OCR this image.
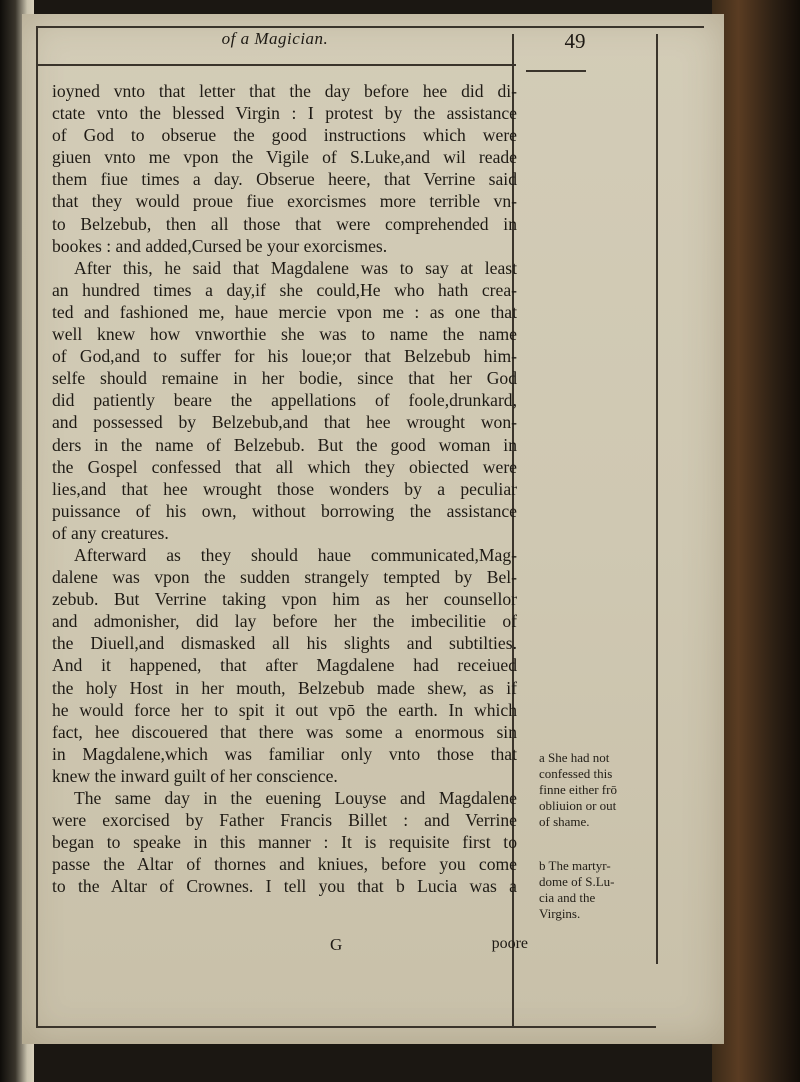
of a Magician.	49
ioyned vnto that letter that the day before hee did di-
ctate vnto the blessed Virgin : I protest by the assistance
of God to obserue the good instructions which were
giuen vnto me vpon the Vigile of S.Luke,and wil reade
them fiue times a day. Obserue heere, that Verrine said
that they would proue fiue exorcismes more terrible vn-
to Belzebub, then all those that were comprehended in
bookes : and added,Cursed be your exorcismes.
After this, he said that Magdalene was to say at least
an hundred times a day,if she could,He who hath crea-
ted and fashioned me, haue mercie vpon me : as one that
well knew how vnworthie she was to name the name
of God,and to suffer for his loue;or that Belzebub him-
selfe should remaine in her bodie, since that her God
did patiently beare the appellations of foole,drunkard,
and possessed by Belzebub,and that hee wrought won-
ders in the name of Belzebub. But the good woman in
the Gospel confessed that all which they obiected were
lies,and that hee wrought those wonders by a peculiar
puissance of his own, without borrowing the assistance
of any creatures.
Afterward as they should haue communicated,Mag-
dalene was vpon the sudden strangely tempted by Bel-
zebub. But Verrine taking vpon him as her counsellor
and admonisher, did lay before her the imbecilitie of
the Diuell,and dismasked all his slights and subtilties.
And it happened, that after Magdalene had receiued
the holy Host in her mouth, Belzebub made shew, as if
he would force her to spit it out vpō the earth. In which
fact, hee discouered that there was some a enormous sin
in Magdalene,which was familiar only vnto those that
knew the inward guilt of her conscience.
The same day in the euening Louyse and Magdalene
were exorcised by Father Francis Billet : and Verrine
began to speake in this manner : It is requisite first to
passe the Altar of thornes and kniues, before you come
to the Altar of Crownes. I tell you that b Lucia was a
G	poore
a She had not
confessed this
finne either frō
obliuion or out
of shame.
b The martyr-
dome of S.Lu-
cia and the
Virgins.
